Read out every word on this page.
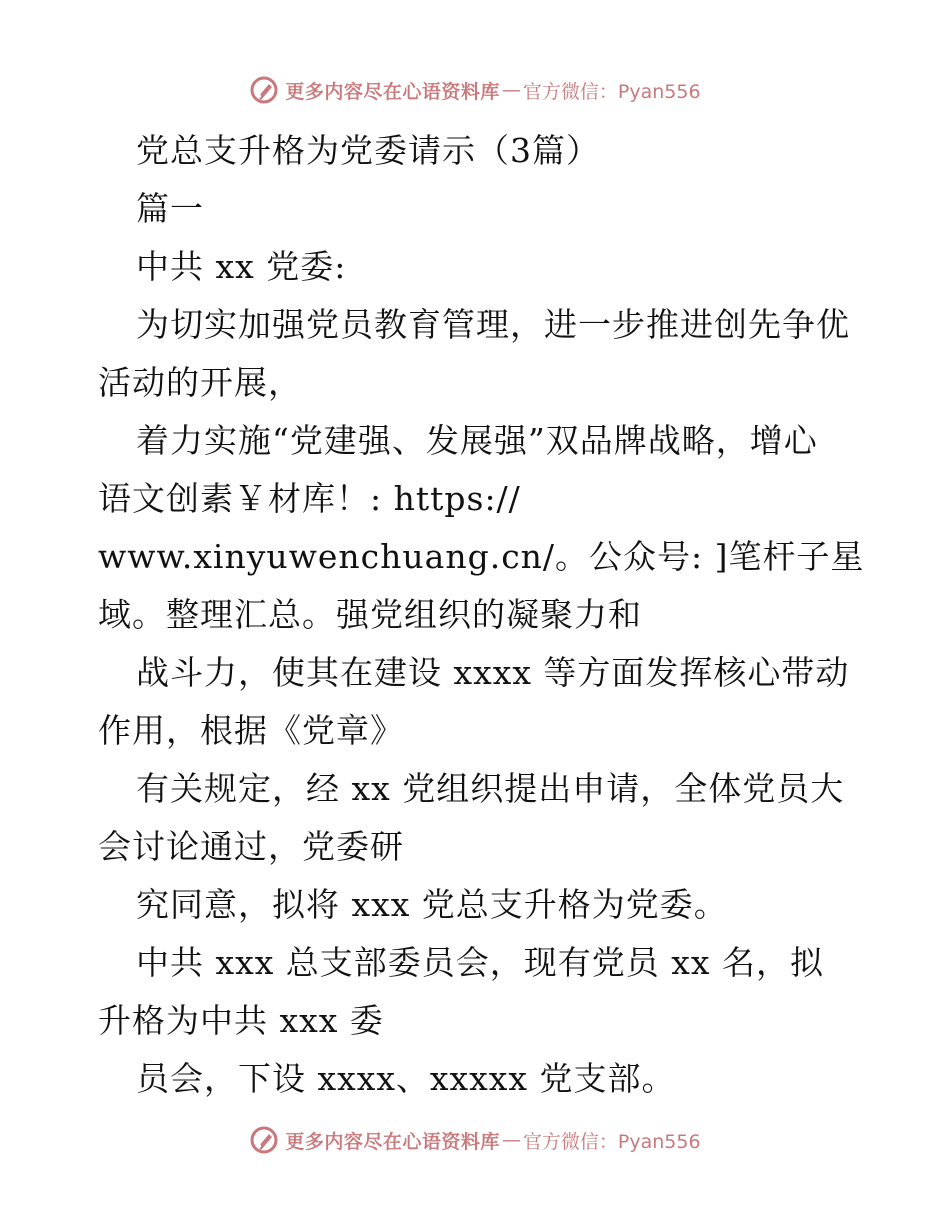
更多内容尽在心语资料库 — 官方微信：Pyan556
党总支升格为党委请示（3篇）
篇一
中共 xx 党委:
为切实加强党员教育管理，进一步推进创先争优
活动的开展，
着力实施“党建强、发展强”双品牌战略，增心
语文创素￥材库！: https://
www.xinyuwenchuang.cn/。公众号: ]笔杆子星
域。整理汇总。强党组织的凝聚力和
战斗力，使其在建设 xxxx 等方面发挥核心带动
作用，根据《党章》
有关规定，经 xx 党组织提出申请，全体党员大
会讨论通过，党委研
究同意，拟将 xxx 党总支升格为党委。
中共 xxx 总支部委员会，现有党员 xx 名，拟
升格为中共 xxx 委
员会，下设 xxxx、xxxxx 党支部。
更多内容尽在心语资料库 — 官方微信：Pyan556
